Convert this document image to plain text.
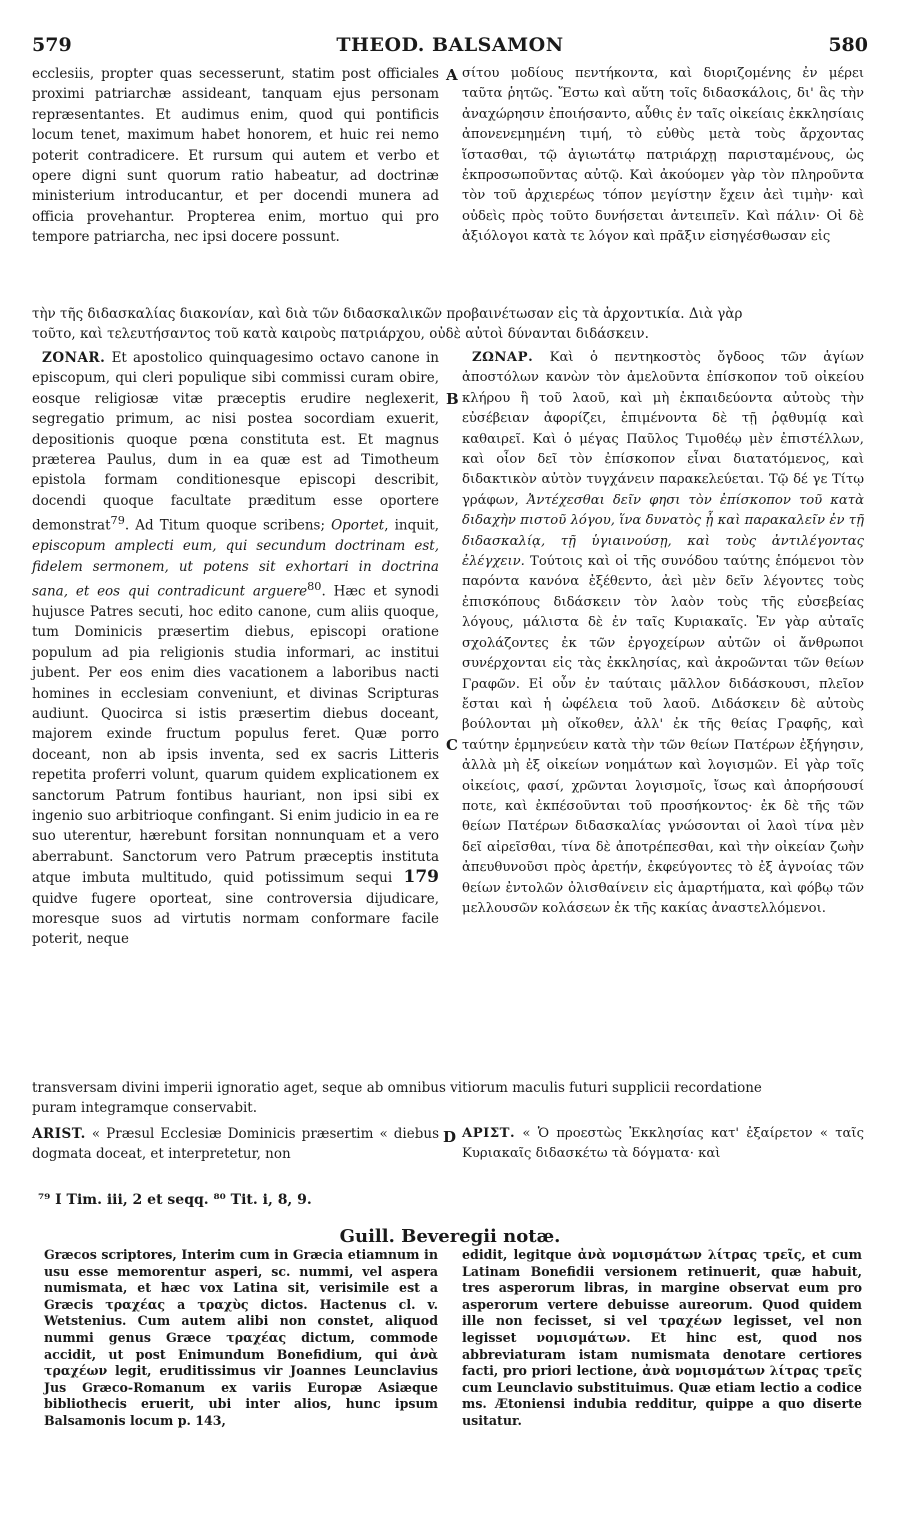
579	THEOD. BALSAMON	580
A
B
C
D

ecclesiis, propter quas secesserunt, statim post officiales proximi patriarchæ assideant, tanquam ejus personam repræsentantes. Et audimus enim, quod qui pontificis locum tenet, maximum habet honorem, et huic rei nemo poterit contradicere. Et rursum qui autem et verbo et opere digni sunt quorum ratio habeatur, ad doctrinæ ministerium introducantur, et per docendi munera ad officia provehantur. Propterea enim, mortuo qui pro tempore patriarcha, nec ipsi docere possunt.

σίτου μοδίους πεντήκοντα, καὶ διοριζομένης ἐν μέρει ταῦτα ῥητῶς. Ἔστω καὶ αὕτη τοῖς διδασκάλοις, δι' ἃς τὴν ἀναχώρησιν ἐποιήσαντο, αὖθις ἐν ταῖς οἰκείαις ἐκκλησίαις ἀπονενεμημένη τιμή, τὸ εὐθὺς μετὰ τοὺς ἄρχοντας ἵστασθαι, τῷ ἀγιωτάτῳ πατριάρχῃ παρισταμένους, ὡς ἐκπροσωποῦντας αὐτῷ. Καὶ ἀκούομεν γὰρ τὸν πληροῦντα τὸν τοῦ ἀρχιερέως τόπον μεγίστην ἔχειν ἀεὶ τιμὴν· καὶ οὐδεὶς πρὸς τοῦτο δυνήσεται ἀντειπεῖν. Καὶ πάλιν· Οἱ δὲ ἀξιόλογοι κατὰ τε λόγον καὶ πρᾶξιν εἰσηγέσθωσαν εἰς

τὴν τῆς διδασκαλίας διακονίαν, καὶ διὰ τῶν διδασκαλικῶν προβαινέτωσαν εἰς τὰ ἀρχοντικία. Διὰ γὰρ
τοῦτο, καὶ τελευτήσαντος τοῦ κατὰ καιροὺς πατριάρχου, οὐδὲ αὐτοὶ δύνανται διδάσκειν.

ZONAR. Et apostolico quinquagesimo octavo canone in episcopum, qui cleri populique sibi commissi curam obire, eosque religiosæ vitæ præceptis erudire neglexerit, segregatio primum, ac nisi postea socordiam exuerit, depositionis quoque pœna constituta est. Et magnus præterea Paulus, dum in ea quæ est ad Timotheum epistola formam conditionesque episcopi describit, docendi quoque facultate præditum esse oportere demonstrat$^{79}$. Ad Titum quoque scribens; Oportet, inquit, episcopum amplecti eum, qui secundum doctrinam est, fidelem sermonem, ut potens sit exhortari in doctrina sana, et eos qui contradicunt arguere$^{80}$. Hæc et synodi hujusce Patres secuti, hoc edito canone, cum aliis quoque, tum Dominicis præsertim diebus, episcopi oratione populum ad pia religionis studia informari, ac institui jubent. Per eos enim dies vacationem a laboribus nacti homines in ecclesiam conveniunt, et divinas Scripturas audiunt. Quocirca si istis præsertim diebus doceant, majorem exinde fructum populus feret. Quæ porro doceant, non ab ipsis inventa, sed ex sacris Litteris repetita proferri volunt, quarum quidem explicationem ex sanctorum Patrum fontibus hauriant, non ipsi sibi ex ingenio suo arbitrioque confingant. Si enim judicio in ea re suo uterentur, hærebunt forsitan nonnunquam et a vero aberrabunt. Sanctorum vero Patrum præceptis instituta atque imbuta multitudo, quid potissimum sequi 179 quidve fugere oporteat, sine controversia dijudicare, moresque suos ad virtutis normam conformare facile poterit, neque

ΖΩΝΑΡ. Καὶ ὁ πεντηκοστὸς ὄγδοος τῶν ἁγίων ἀποστόλων κανὼν τὸν ἀμελοῦντα ἐπίσκοπον τοῦ οἰκείου κλήρου ἢ τοῦ λαοῦ, καὶ μὴ ἐκπαιδεύοντα αὐτοὺς τὴν εὐσέβειαν ἀφορίζει, ἐπιμένοντα δὲ τῇ ῥᾳθυμίᾳ καὶ καθαιρεῖ. Καὶ ὁ μέγας Παῦλος Τιμοθέῳ μὲν ἐπιστέλλων, καὶ οἷον δεῖ τὸν ἐπίσκοπον εἶναι διατατόμενος, καὶ διδακτικὸν αὐτὸν τυγχάνειν παρακελεύεται. Τῷ δέ γε Τίτῳ γράφων, Ἀντέχεσθαι δεῖν φησι τὸν ἐπίσκοπον τοῦ κατὰ διδαχὴν πιστοῦ λόγου, ἵνα δυνατὸς ᾖ καὶ παρακαλεῖν ἐν τῇ διδασκαλίᾳ, τῇ ὑγιαινούσῃ, καὶ τοὺς ἀντιλέγοντας ἐλέγχειν. Τούτοις καὶ οἱ τῆς συνόδου ταύτης ἑπόμενοι τὸν παρόντα κανόνα ἐξέθεντο, ἀεὶ μὲν δεῖν λέγοντες τοὺς ἐπισκόπους διδάσκειν τὸν λαὸν τοὺς τῆς εὐσεβείας λόγους, μάλιστα δὲ ἐν ταῖς Κυριακαῖς. Ἐν γὰρ αὐταῖς σχολάζοντες ἐκ τῶν ἐργοχείρων αὐτῶν οἱ ἄνθρωποι συνέρχονται εἰς τὰς ἐκκλησίας, καὶ ἀκροῶνται τῶν θείων Γραφῶν. Εἰ οὖν ἐν ταύταις μᾶλλον διδάσκουσι, πλεῖον ἔσται καὶ ἡ ὠφέλεια τοῦ λαοῦ. Διδάσκειν δὲ αὐτοὺς βούλονται μὴ οἴκοθεν, ἀλλ' ἐκ τῆς θείας Γραφῆς, καὶ ταύτην ἑρμηνεύειν κατὰ τὴν τῶν θείων Πατέρων ἐξήγησιν, ἀλλὰ μὴ ἐξ οἰκείων νοημάτων καὶ λογισμῶν. Εἰ γὰρ τοῖς οἰκείοις, φασί, χρῶνται λογισμοῖς, ἴσως καὶ ἀπορήσουσί ποτε, καὶ ἐκπέσοῦνται τοῦ προσήκοντος· ἐκ δὲ τῆς τῶν θείων Πατέρων διδασκαλίας γνώσονται οἱ λαοὶ τίνα μὲν δεῖ αἱρεῖσθαι, τίνα δὲ ἀποτρέπεσθαι, καὶ τὴν οἰκείαν ζωὴν ἀπευθυνοῦσι πρὸς ἀρετήν, ἐκφεύγοντες τὸ ἐξ ἀγνοίας τῶν θείων ἐντολῶν ὀλισθαίνειν εἰς ἁμαρτήματα, καὶ φόβῳ τῶν μελλουσῶν κολάσεων ἐκ τῆς κακίας ἀναστελλόμενοι.

transversam divini imperii ignoratio aget, seque ab omnibus vitiorum maculis futuri supplicii recordatione
puram integramque conservabit.

ARIST. « Præsul Ecclesiæ Dominicis præsertim « diebus dogmata doceat, et interpretetur, non

ΑΡΙΣΤ. « Ὁ προεστὼς Ἐκκλησίας κατ' ἐξαίρετον « ταῖς Κυριακαῖς διδασκέτω τὰ δόγματα· καὶ

⁷⁹ I Tim. iii, 2 et seqq. ⁸⁰ Tit. i, 8, 9.
Guill. Beveregii notæ.

Græcos scriptores, Interim cum in Græcia etiamnum in usu esse memorentur asperi, sc. nummi, vel aspera numismata, et hæc vox Latina sit, verisimile est a Græcis τραχέας a τραχὺς dictos. Hactenus cl. v. Wetstenius. Cum autem alibi non constet, aliquod nummi genus Græce τραχέας dictum, commode accidit, ut post Enimundum Bonefidium, qui ἀνὰ τραχέων legit, eruditissimus vir Joannes Leunclavius Jus Græco-Romanum ex variis Europæ Asiæque bibliothecis eruerit, ubi inter alios, hunc ipsum Balsamonis locum p. 143,

edidit, legitque ἀνὰ νομισμάτων λίτρας τρεῖς, et cum Latinam Bonefidii versionem retinuerit, quæ habuit, tres asperorum libras, in margine observat eum pro asperorum vertere debuisse aureorum. Quod quidem ille non fecisset, si vel τραχέων legisset, vel non legisset νομισμάτων. Et hinc est, quod nos abbreviaturam istam numismata denotare certiores facti, pro priori lectione, ἀνὰ νομισμάτων λίτρας τρεῖς cum Leunclavio substituimus. Quæ etiam lectio a codice ms. Ætoniensi indubia redditur, quippe a quo diserte usitatur.
